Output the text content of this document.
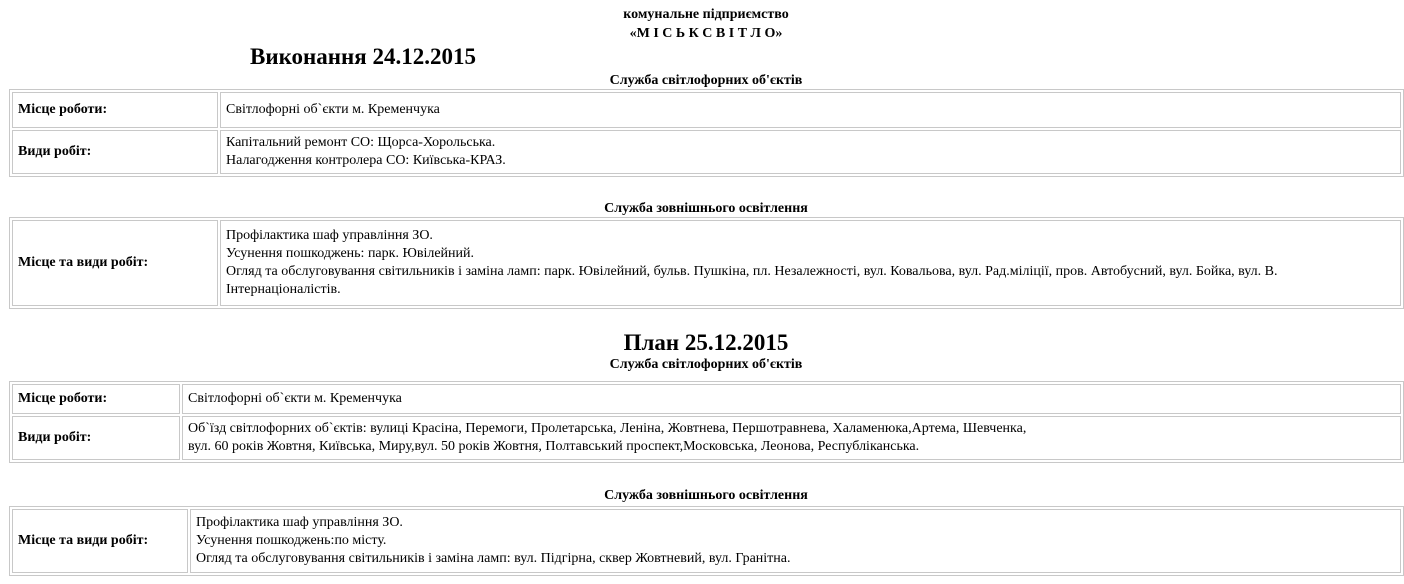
комунальне підприємство
«М І С Ь К С В І Т Л О»
Виконання 24.12.2015
Служба світлофорних об'єктів
Місце роботи:	Світлофорні об`єкти м. Кременчука

Види робіт:	Капітальний ремонт СО: Щорса-Хорольська.
Налагодження контролера СО: Київська-КРАЗ.
Служба зовнішнього освітлення
Місце та види робіт:	
Профілактика шаф управління ЗО.
Усунення пошкоджень: парк. Ювілейний.
Огляд та обслуговування світильників і заміна ламп: парк. Ювілейний, бульв. Пушкіна, пл. Незалежності, вул. Ковальова, вул. Рад.міліції, пров. Автобусний, вул. Бойка, вул. В. Інтернаціоналістів.
План 25.12.2015
Служба світлофорних об'єктів
Місце роботи:	Світлофорні об`єкти м. Кременчука

Види робіт:	Об`їзд світлофорних об`єктів: вулиці Красіна, Перемоги, Пролетарська, Леніна, Жовтнева, Першотравнева, Халаменюка,Артема, Шевченка,
вул. 60 років Жовтня, Київська, Миру,вул. 50 років Жовтня, Полтавський проспект,Московська, Леонова, Республіканська.
Служба зовнішнього освітлення
Місце та види робіт:	
Профілактика шаф управління ЗО.
Усунення пошкоджень:по місту.
Огляд та обслуговування світильників і заміна ламп: вул. Підгірна, сквер Жовтневий, вул. Гранітна.
